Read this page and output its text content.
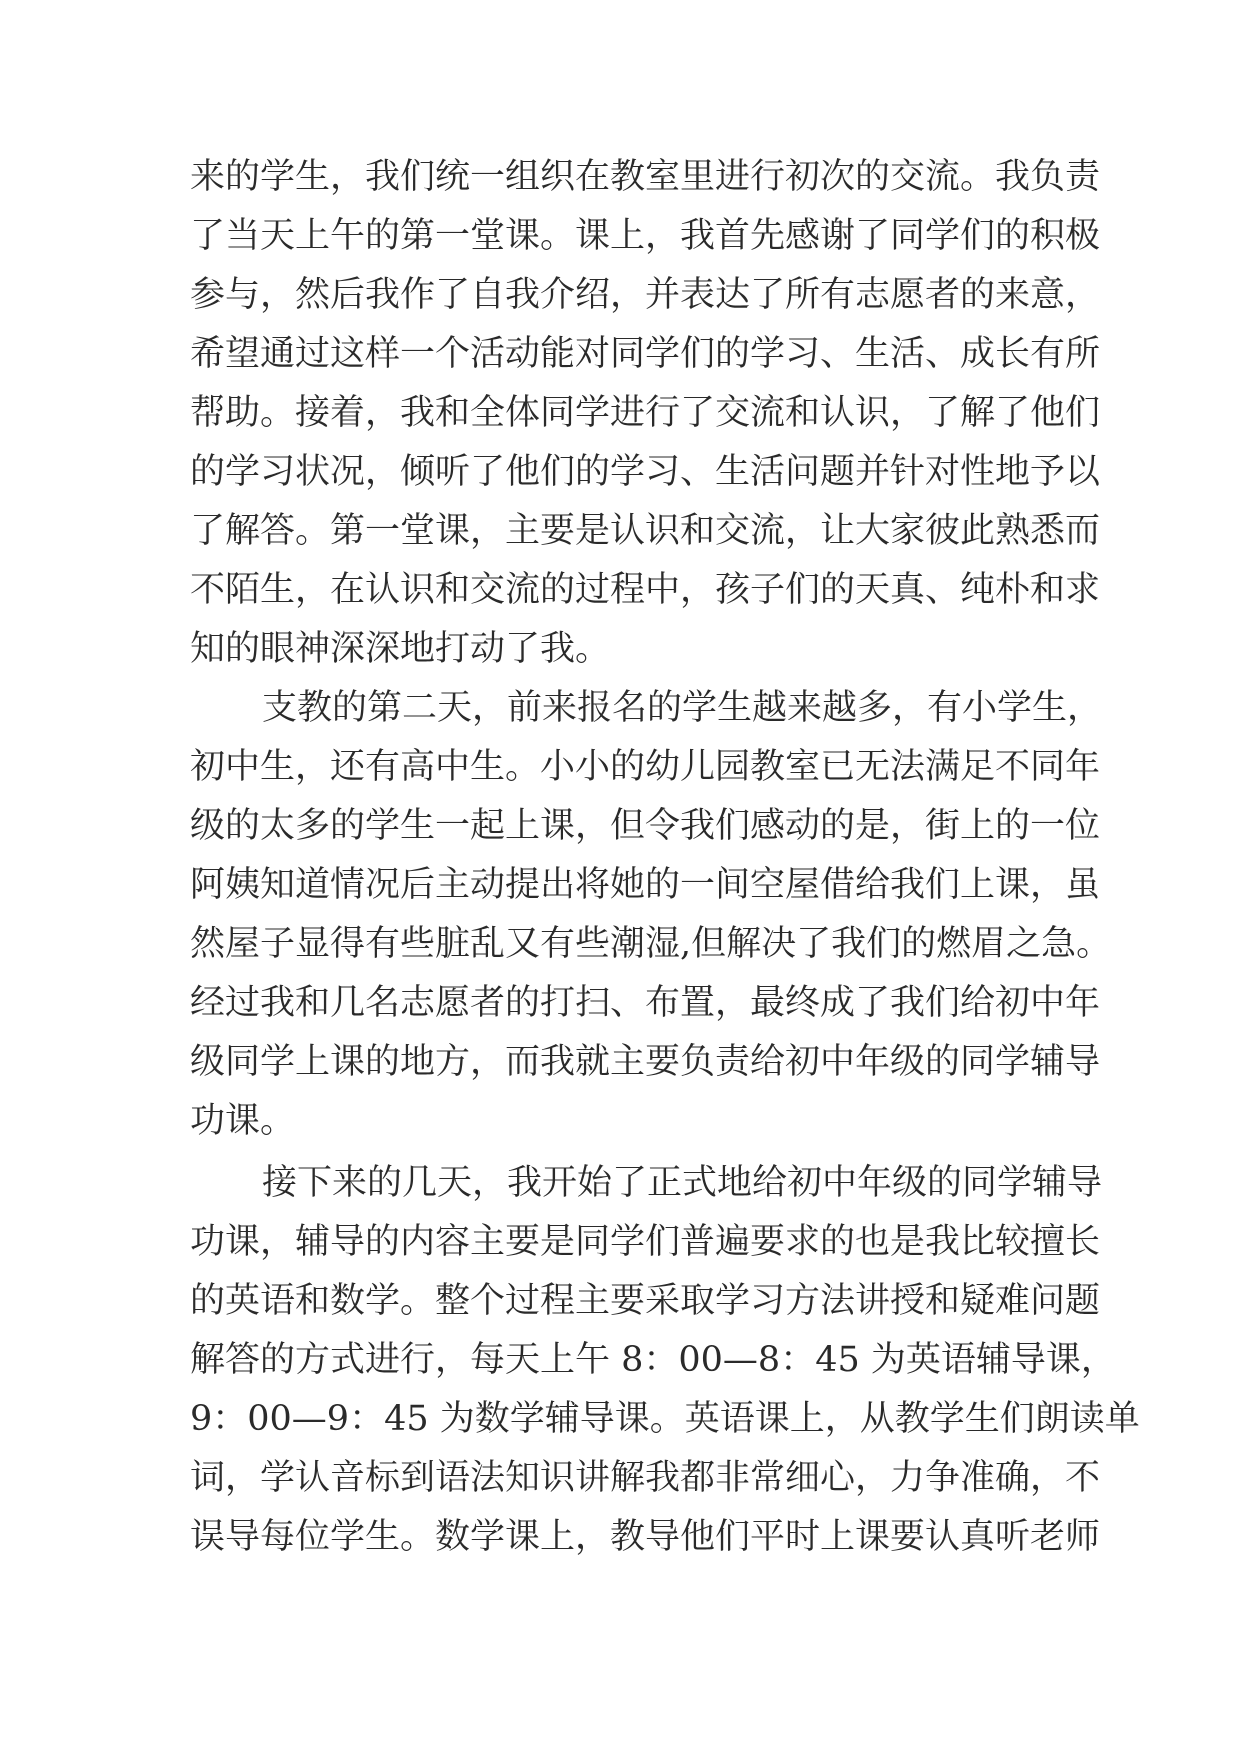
来的学生，我们统一组织在教室里进行初次的交流。我负责
了当天上午的第一堂课。课上，我首先感谢了同学们的积极
参与，然后我作了自我介绍，并表达了所有志愿者的来意，
希望通过这样一个活动能对同学们的学习、生活、成长有所
帮助。接着，我和全体同学进行了交流和认识，了解了他们
的学习状况，倾听了他们的学习、生活问题并针对性地予以
了解答。第一堂课，主要是认识和交流，让大家彼此熟悉而
不陌生，在认识和交流的过程中，孩子们的天真、纯朴和求
知的眼神深深地打动了我。
支教的第二天，前来报名的学生越来越多，有小学生，
初中生，还有高中生。小小的幼儿园教室已无法满足不同年
级的太多的学生一起上课，但令我们感动的是，街上的一位
阿姨知道情况后主动提出将她的一间空屋借给我们上课，虽
然屋子显得有些脏乱又有些潮湿,但解决了我们的燃眉之急。
经过我和几名志愿者的打扫、布置，最终成了我们给初中年
级同学上课的地方，而我就主要负责给初中年级的同学辅导
功课。
接下来的几天，我开始了正式地给初中年级的同学辅导
功课，辅导的内容主要是同学们普遍要求的也是我比较擅长
的英语和数学。整个过程主要采取学习方法讲授和疑难问题
解答的方式进行，每天上午 8：00—8：45 为英语辅导课，
9：00—9：45 为数学辅导课。英语课上，从教学生们朗读单
词，学认音标到语法知识讲解我都非常细心，力争准确，不
误导每位学生。数学课上，教导他们平时上课要认真听老师
